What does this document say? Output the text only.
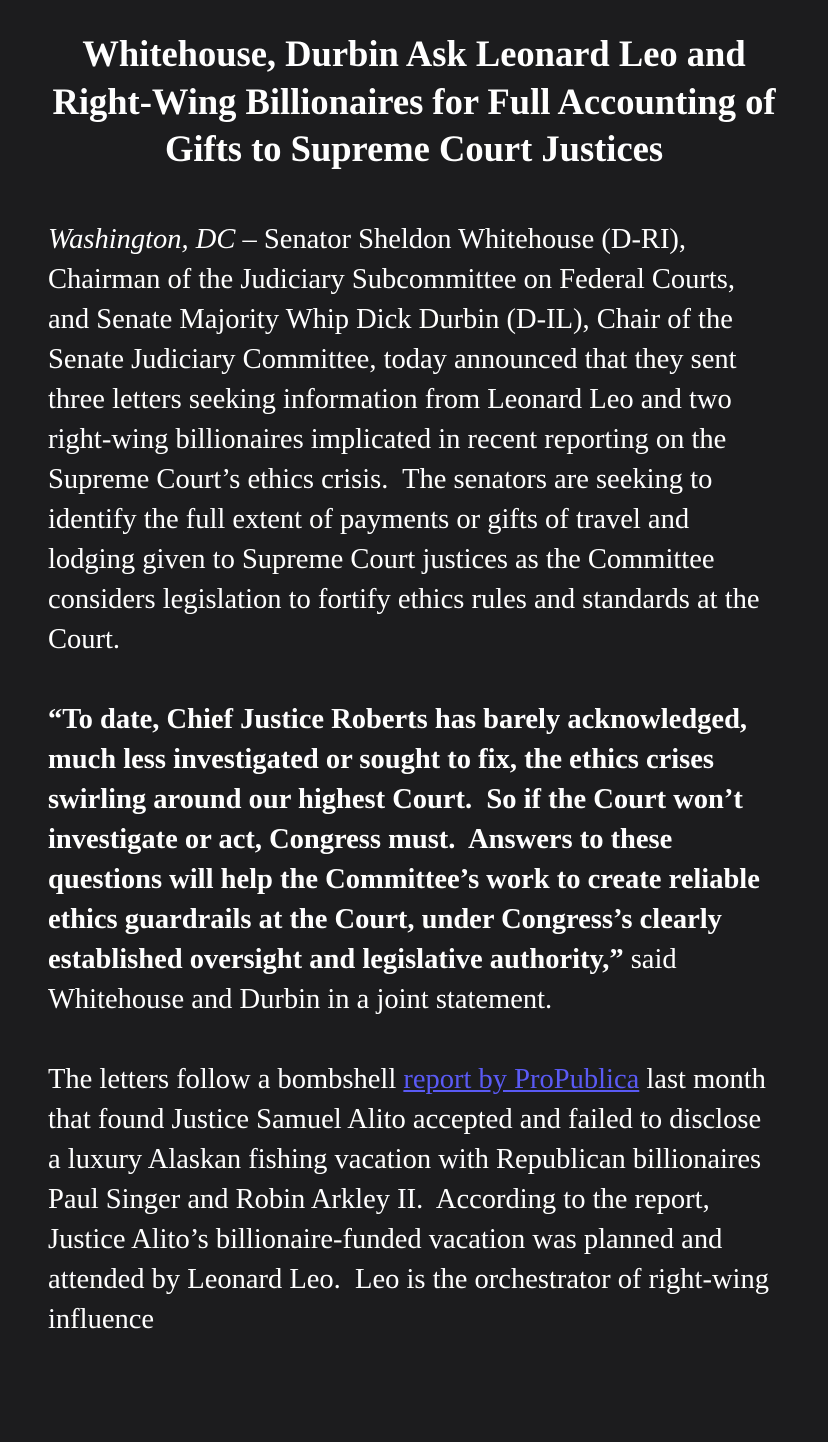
Whitehouse, Durbin Ask Leonard Leo and Right-Wing Billionaires for Full Accounting of Gifts to Supreme Court Justices

Washington, DC – Senator Sheldon Whitehouse (D-RI), Chairman of the Judiciary Subcommittee on Federal Courts, and Senate Majority Whip Dick Durbin (D-IL), Chair of the Senate Judiciary Committee, today announced that they sent three letters seeking information from Leonard Leo and two right-wing billionaires implicated in recent reporting on the Supreme Court’s ethics crisis.  The senators are seeking to identify the full extent of payments or gifts of travel and lodging given to Supreme Court justices as the Committee considers legislation to fortify ethics rules and standards at the Court.

“To date, Chief Justice Roberts has barely acknowledged, much less investigated or sought to fix, the ethics crises swirling around our highest Court.  So if the Court won’t investigate or act, Congress must.  Answers to these questions will help the Committee’s work to create reliable ethics guardrails at the Court, under Congress’s clearly established oversight and legislative authority,” said Whitehouse and Durbin in a joint statement.

The letters follow a bombshell report by ProPublica last month that found Justice Samuel Alito accepted and failed to disclose a luxury Alaskan fishing vacation with Republican billionaires Paul Singer and Robin Arkley II.  According to the report, Justice Alito’s billionaire-funded vacation was planned and attended by Leonard Leo.  Leo is the orchestrator of right-wing influence
